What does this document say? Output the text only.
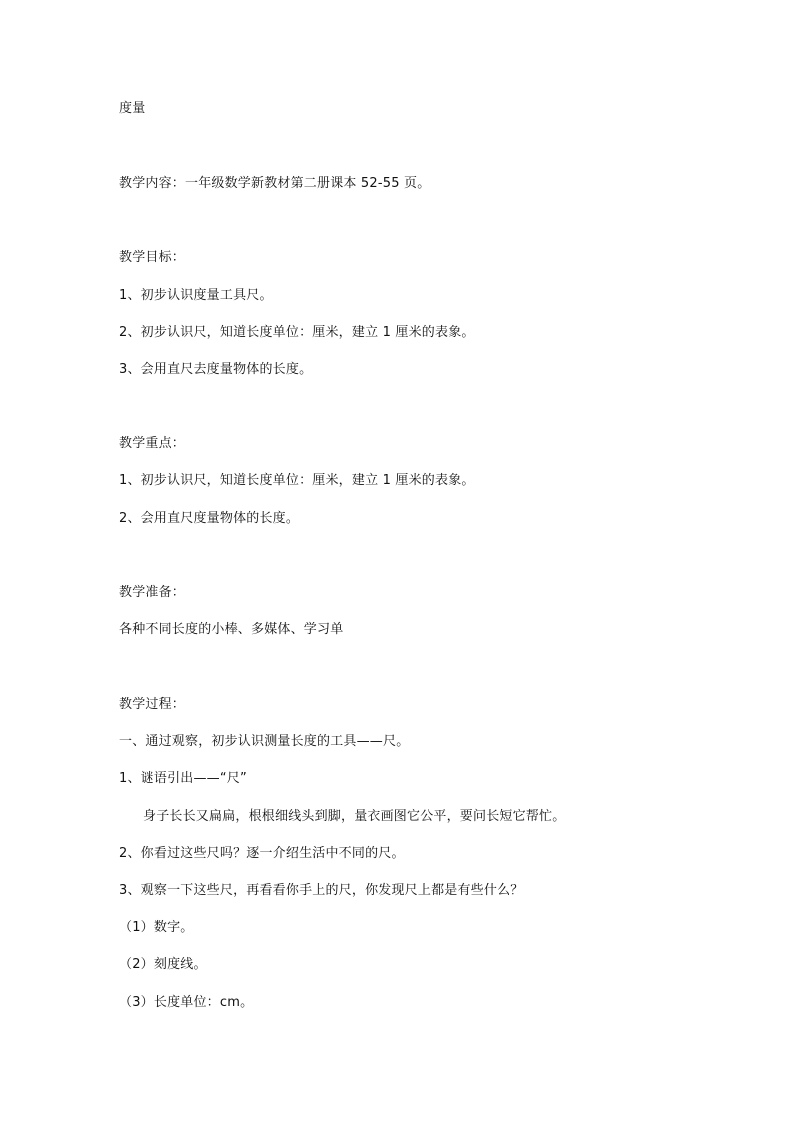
度量
教学内容：一年级数学新教材第二册课本 52-55 页。
教学目标：
1、初步认识度量工具尺。
2、初步认识尺，知道长度单位：厘米，建立 1 厘米的表象。
3、会用直尺去度量物体的长度。
教学重点：
1、初步认识尺，知道长度单位：厘米，建立 1 厘米的表象。
2、会用直尺度量物体的长度。
教学准备：
各种不同长度的小棒、多媒体、学习单
教学过程：
一、通过观察，初步认识测量长度的工具——尺。
1、谜语引出——“尺”
身子长长又扁扁，根根细线头到脚，量衣画图它公平，要问长短它帮忙。
2、你看过这些尺吗？逐一介绍生活中不同的尺。
3、观察一下这些尺，再看看你手上的尺，你发现尺上都是有些什么？
（1）数字。
（2）刻度线。
（3）长度单位：cm。
